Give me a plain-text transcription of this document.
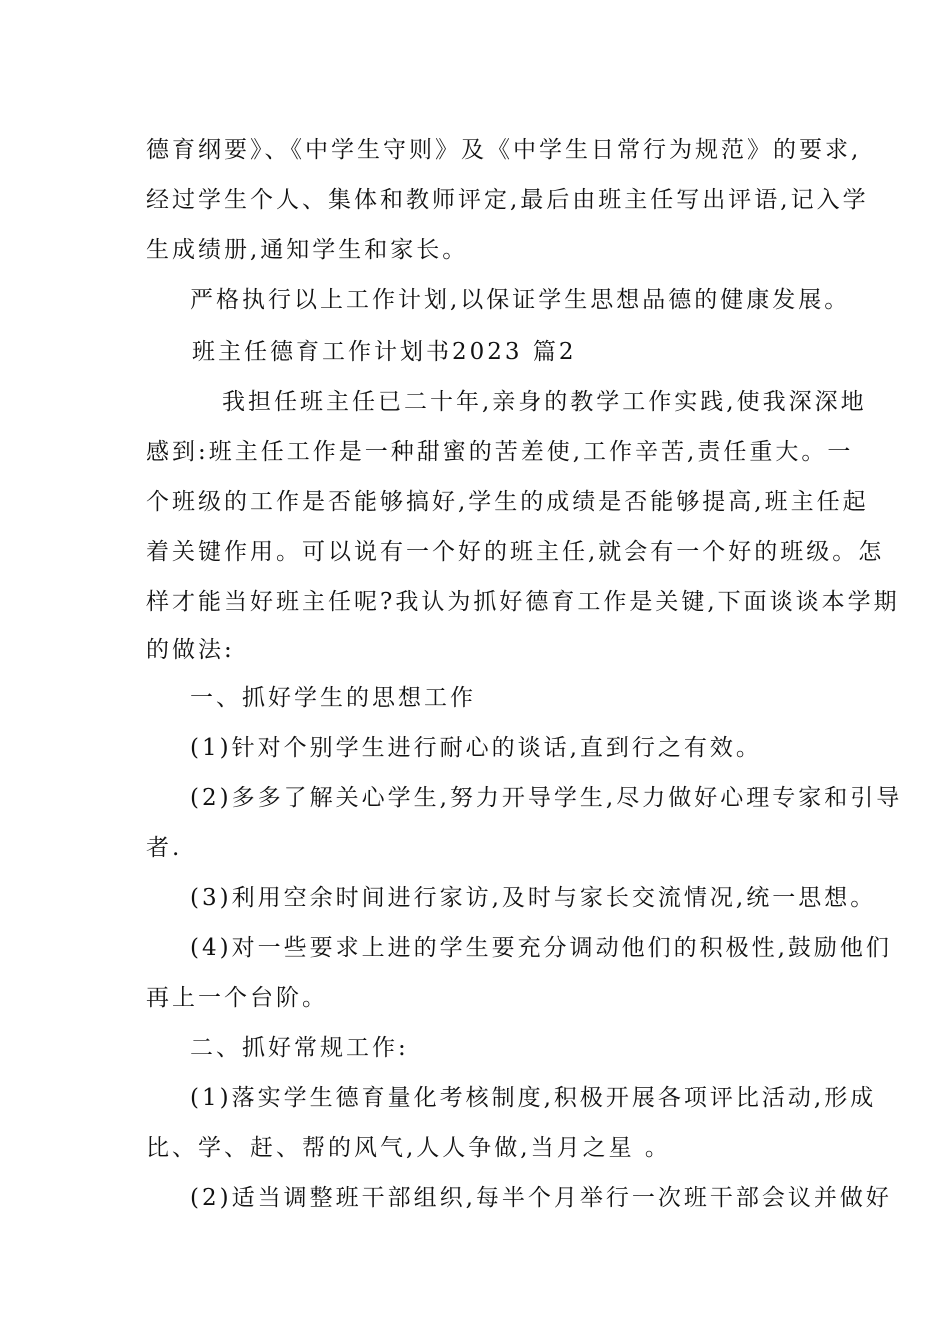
德育纲要》、《中学生守则》及《中学生日常行为规范》的要求,
经过学生个人、集体和教师评定,最后由班主任写出评语,记入学
生成绩册,通知学生和家长。
严格执行以上工作计划,以保证学生思想品德的健康发展。
班主任德育工作计划书2023 篇2
我担任班主任已二十年,亲身的教学工作实践,使我深深地
感到:班主任工作是一种甜蜜的苦差使,工作辛苦,责任重大。一
个班级的工作是否能够搞好,学生的成绩是否能够提高,班主任起
着关键作用。可以说有一个好的班主任,就会有一个好的班级。怎
样才能当好班主任呢?我认为抓好德育工作是关键,下面谈谈本学期
的做法:
一、抓好学生的思想工作
(1)针对个别学生进行耐心的谈话,直到行之有效。
(2)多多了解关心学生,努力开导学生,尽力做好心理专家和引导
者.
(3)利用空余时间进行家访,及时与家长交流情况,统一思想。
(4)对一些要求上进的学生要充分调动他们的积极性,鼓励他们
再上一个台阶。
二、抓好常规工作:
(1)落实学生德育量化考核制度,积极开展各项评比活动,形成
比、学、赶、帮的风气,人人争做,当月之星 。
(2)适当调整班干部组织,每半个月举行一次班干部会议并做好
